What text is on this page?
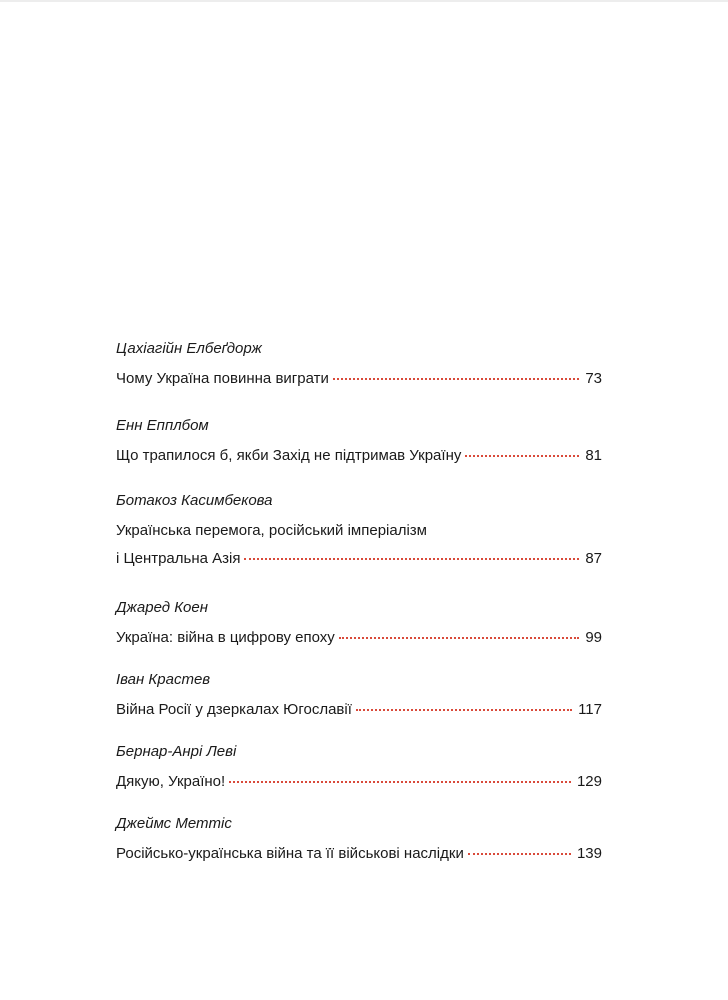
Цахіагійн Елбеґдорж
Чому Україна повинна виграти	73
Енн Епплбом
Що трапилося б, якби Захід не підтримав Україну	81
Ботакоз Касимбекова
Українська перемога, російський імперіалізм
і Центральна Азія	87
Джаред Коен
Україна: війна в цифрову епоху	99
Іван Крастев
Війна Росії у дзеркалах Югославії	117
Бернар-Анрі Леві
Дякую, Україно!	129
Джеймс Меттіс
Російсько-українська війна та її військові наслідки	139
